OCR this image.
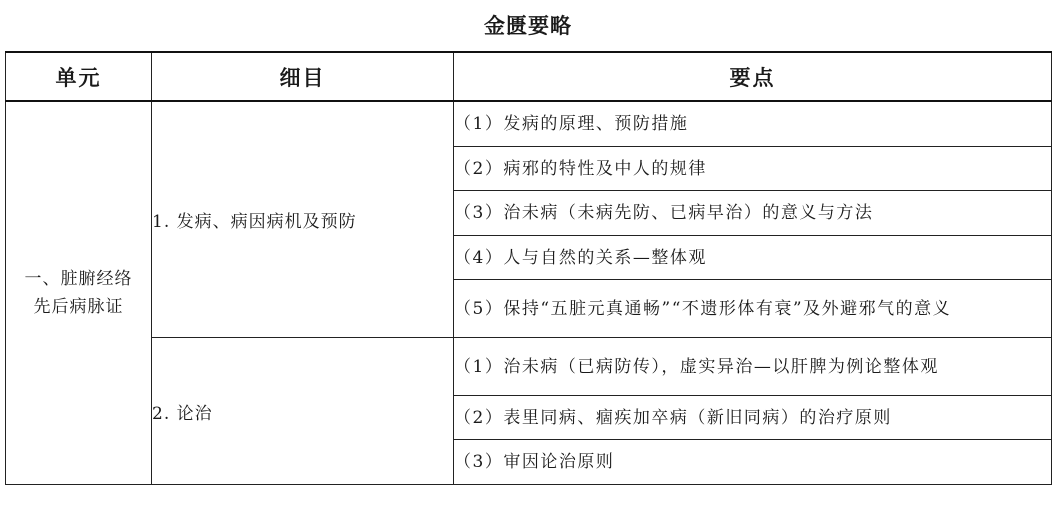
金匮要略
单元	细目	要点

一、脏腑经络
先后病脉证	1. 发病、病因病机及预防	（1）发病的原理、预防措施
		（2）病邪的特性及中人的规律
		（3）治未病（未病先防、已病早治）的意义与方法
		（4）人与自然的关系—整体观
		（5）保持“五脏元真通畅”“不遗形体有衰”及外避邪气的意义
	2. 论治	（1）治未病（已病防传），虚实异治—以肝脾为例论整体观
		（2）表里同病、痼疾加卒病（新旧同病）的治疗原则
		（3）审因论治原则
